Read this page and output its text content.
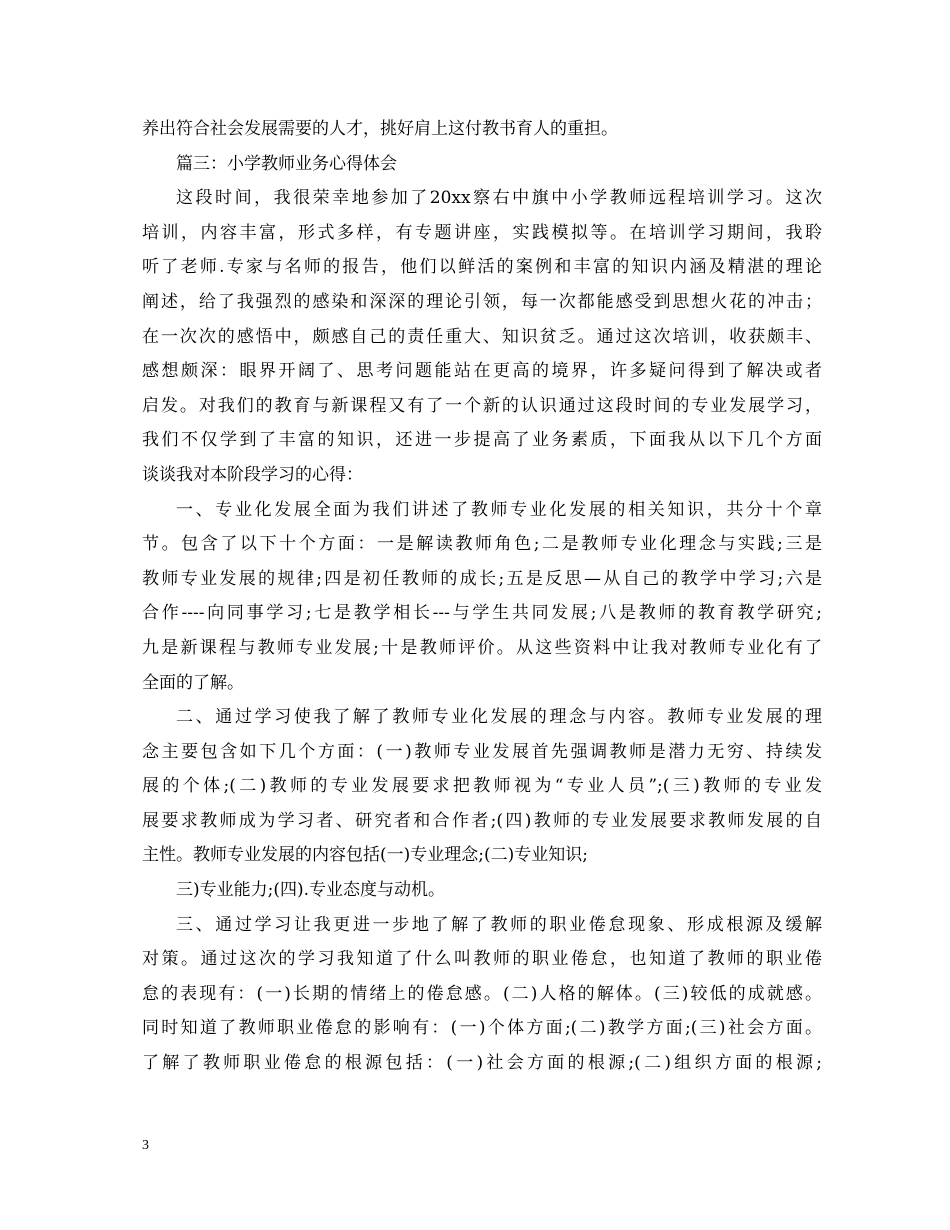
养出符合社会发展需要的人才，挑好肩上这付教书育人的重担。
篇三：小学教师业务心得体会
这段时间，我很荣幸地参加了20xx察右中旗中小学教师远程培训学习。这次
培训，内容丰富，形式多样，有专题讲座，实践模拟等。在培训学习期间，我聆
听了老师.专家与名师的报告，他们以鲜活的案例和丰富的知识内涵及精湛的理论
阐述，给了我强烈的感染和深深的理论引领，每一次都能感受到思想火花的冲击；
在一次次的感悟中，颇感自己的责任重大、知识贫乏。通过这次培训，收获颇丰、
感想颇深：眼界开阔了、思考问题能站在更高的境界，许多疑问得到了解决或者
启发。对我们的教育与新课程又有了一个新的认识通过这段时间的专业发展学习，
我们不仅学到了丰富的知识，还进一步提高了业务素质，下面我从以下几个方面
谈谈我对本阶段学习的心得：
一、专业化发展全面为我们讲述了教师专业化发展的相关知识，共分十个章
节。包含了以下十个方面：一是解读教师角色;二是教师专业化理念与实践;三是
教师专业发展的规律;四是初任教师的成长;五是反思—从自己的教学中学习;六是
合作----向同事学习;七是教学相长---与学生共同发展;八是教师的教育教学研究;
九是新课程与教师专业发展;十是教师评价。从这些资料中让我对教师专业化有了
全面的了解。
二、通过学习使我了解了教师专业化发展的理念与内容。教师专业发展的理
念主要包含如下几个方面：(一)教师专业发展首先强调教师是潜力无穷、持续发
展的个体;(二)教师的专业发展要求把教师视为“专业人员”;(三)教师的专业发
展要求教师成为学习者、研究者和合作者;(四)教师的专业发展要求教师发展的自
主性。教师专业发展的内容包括(一)专业理念;(二)专业知识;
三)专业能力;(四).专业态度与动机。
三、通过学习让我更进一步地了解了教师的职业倦怠现象、形成根源及缓解
对策。通过这次的学习我知道了什么叫教师的职业倦怠，也知道了教师的职业倦
怠的表现有：(一)长期的情绪上的倦怠感。(二)人格的解体。(三)较低的成就感。
同时知道了教师职业倦怠的影响有：(一)个体方面;(二)教学方面;(三)社会方面。
了解了教师职业倦怠的根源包括：(一)社会方面的根源;(二)组织方面的根源;
3
